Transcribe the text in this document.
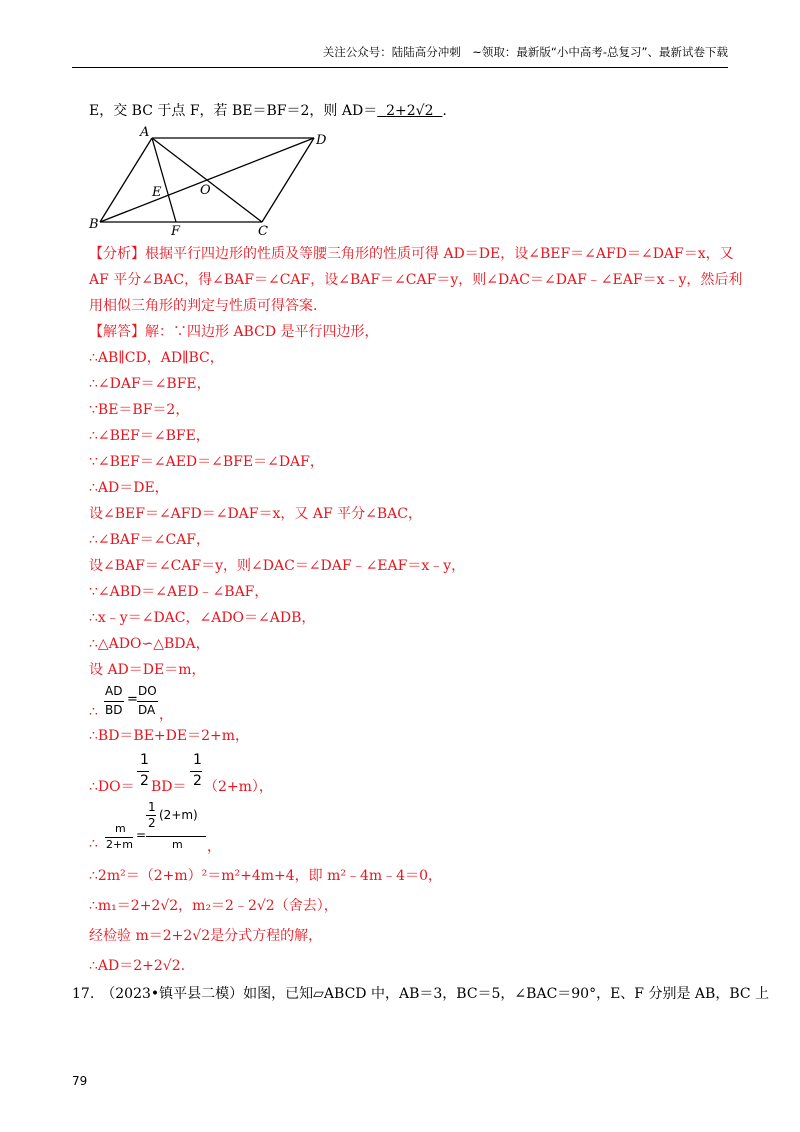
关注公众号：陆陆高分冲刺　~领取：最新版“小中高考-总复习”、最新试卷下载
E，交 BC 于点 F，若 BE＝BF＝2，则 AD＝ 2+2√2 .
A
D
B	C
E
F
O
【分析】根据平行四边形的性质及等腰三角形的性质可得 AD＝DE，设∠BEF＝∠AFD＝∠DAF＝x，又
AF 平分∠BAC，得∠BAF＝∠CAF，设∠BAF＝∠CAF＝y，则∠DAC＝∠DAF﹣∠EAF＝x﹣y，然后利
用相似三角形的判定与性质可得答案.
【解答】解：∵四边形 ABCD 是平行四边形，
∴AB∥CD，AD∥BC，
∴∠DAF＝∠BFE，
∵BE＝BF＝2，
∴∠BEF＝∠BFE，
∵∠BEF＝∠AED＝∠BFE＝∠DAF，
∴AD＝DE，
设∠BEF＝∠AFD＝∠DAF＝x，又 AF 平分∠BAC，
∴∠BAF＝∠CAF，
设∠BAF＝∠CAF＝y，则∠DAC＝∠DAF﹣∠EAF＝x﹣y，
∵∠ABD＝∠AED﹣∠BAF，
∴x﹣y＝∠DAC，∠ADO＝∠ADB，
∴△ADO∽△BDA，
设 AD＝DE＝m，
∴
AD
BD
=
DO
DA ，
∴BD＝BE+DE＝2+m，
∴DO＝
1
2 BD＝
1
2 （2+m），
∴
m
2+m
=
1
2
(2+m)
m ，
∴2m²＝（2+m）²＝m²+4m+4，即 m²﹣4m﹣4＝0，
∴m₁＝2+2√2，m₂＝2﹣2√2（舍去），
经检验 m＝2+2√2是分式方程的解，
∴AD＝2+2√2.
17.　（2023•镇平县二模）如图，已知▱ABCD 中，AB＝3，BC＝5，∠BAC＝90°，E、F 分别是 AB，BC 上
79
